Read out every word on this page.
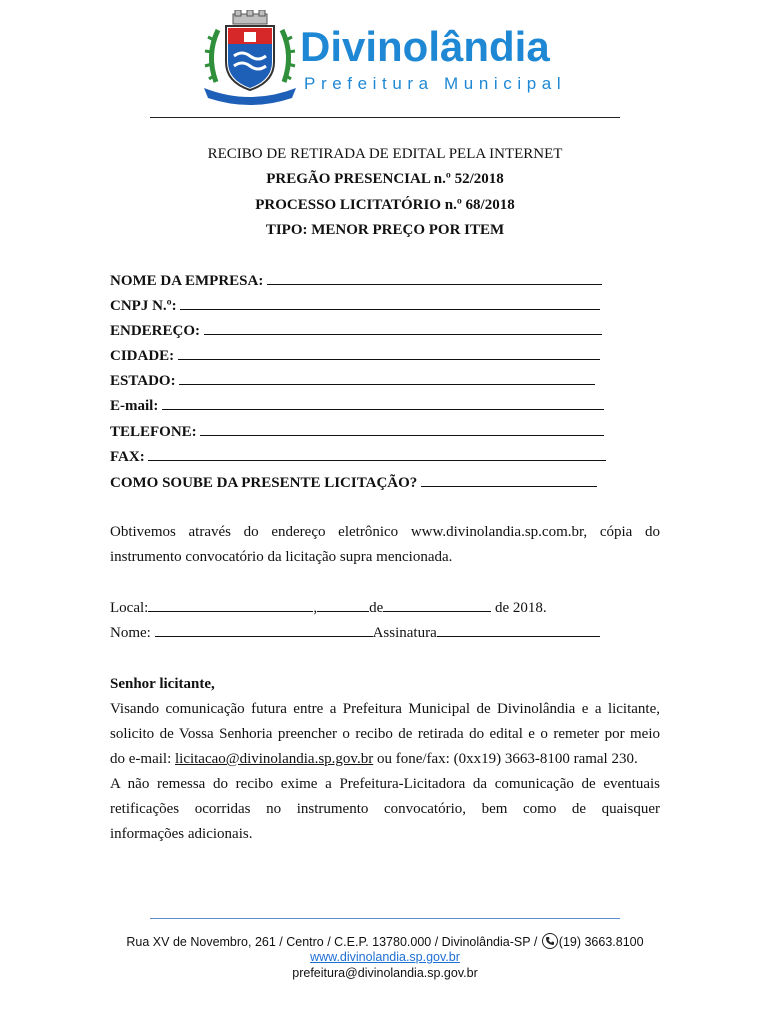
Divinolândia
Prefeitura Municipal
RECIBO DE RETIRADA DE EDITAL PELA INTERNET
PREGÃO PRESENCIAL n.º 52/2018
PROCESSO LICITATÓRIO n.º 68/2018
TIPO: MENOR PREÇO POR ITEM
NOME DA EMPRESA:
CNPJ N.º:
ENDEREÇO:
CIDADE:
ESTADO:
E-mail:
TELEFONE:
FAX:
COMO SOUBE DA PRESENTE LICITAÇÃO?
Obtivemos através do endereço eletrônico www.divinolandia.sp.com.br, cópia do
instrumento convocatório da licitação supra mencionada.
Local:	,	de	de 2018.
Nome:	Assinatura
Senhor licitante,
Visando comunicação futura entre a Prefeitura Municipal de Divinolândia e a licitante,
solicito de Vossa Senhoria preencher o recibo de retirada do edital e o remeter por meio
do e-mail: licitacao@divinolandia.sp.gov.br ou fone/fax: (0xx19) 3663-8100 ramal 230.
A não remessa do recibo exime a Prefeitura-Licitadora da comunicação de eventuais
retificações ocorridas no instrumento convocatório, bem como de quaisquer
informações adicionais.
Rua XV de Novembro, 261 / Centro / C.E.P. 13780.000 / Divinolândia-SP / (19) 3663.8100
www.divinolandia.sp.gov.br
prefeitura@divinolandia.sp.gov.br
